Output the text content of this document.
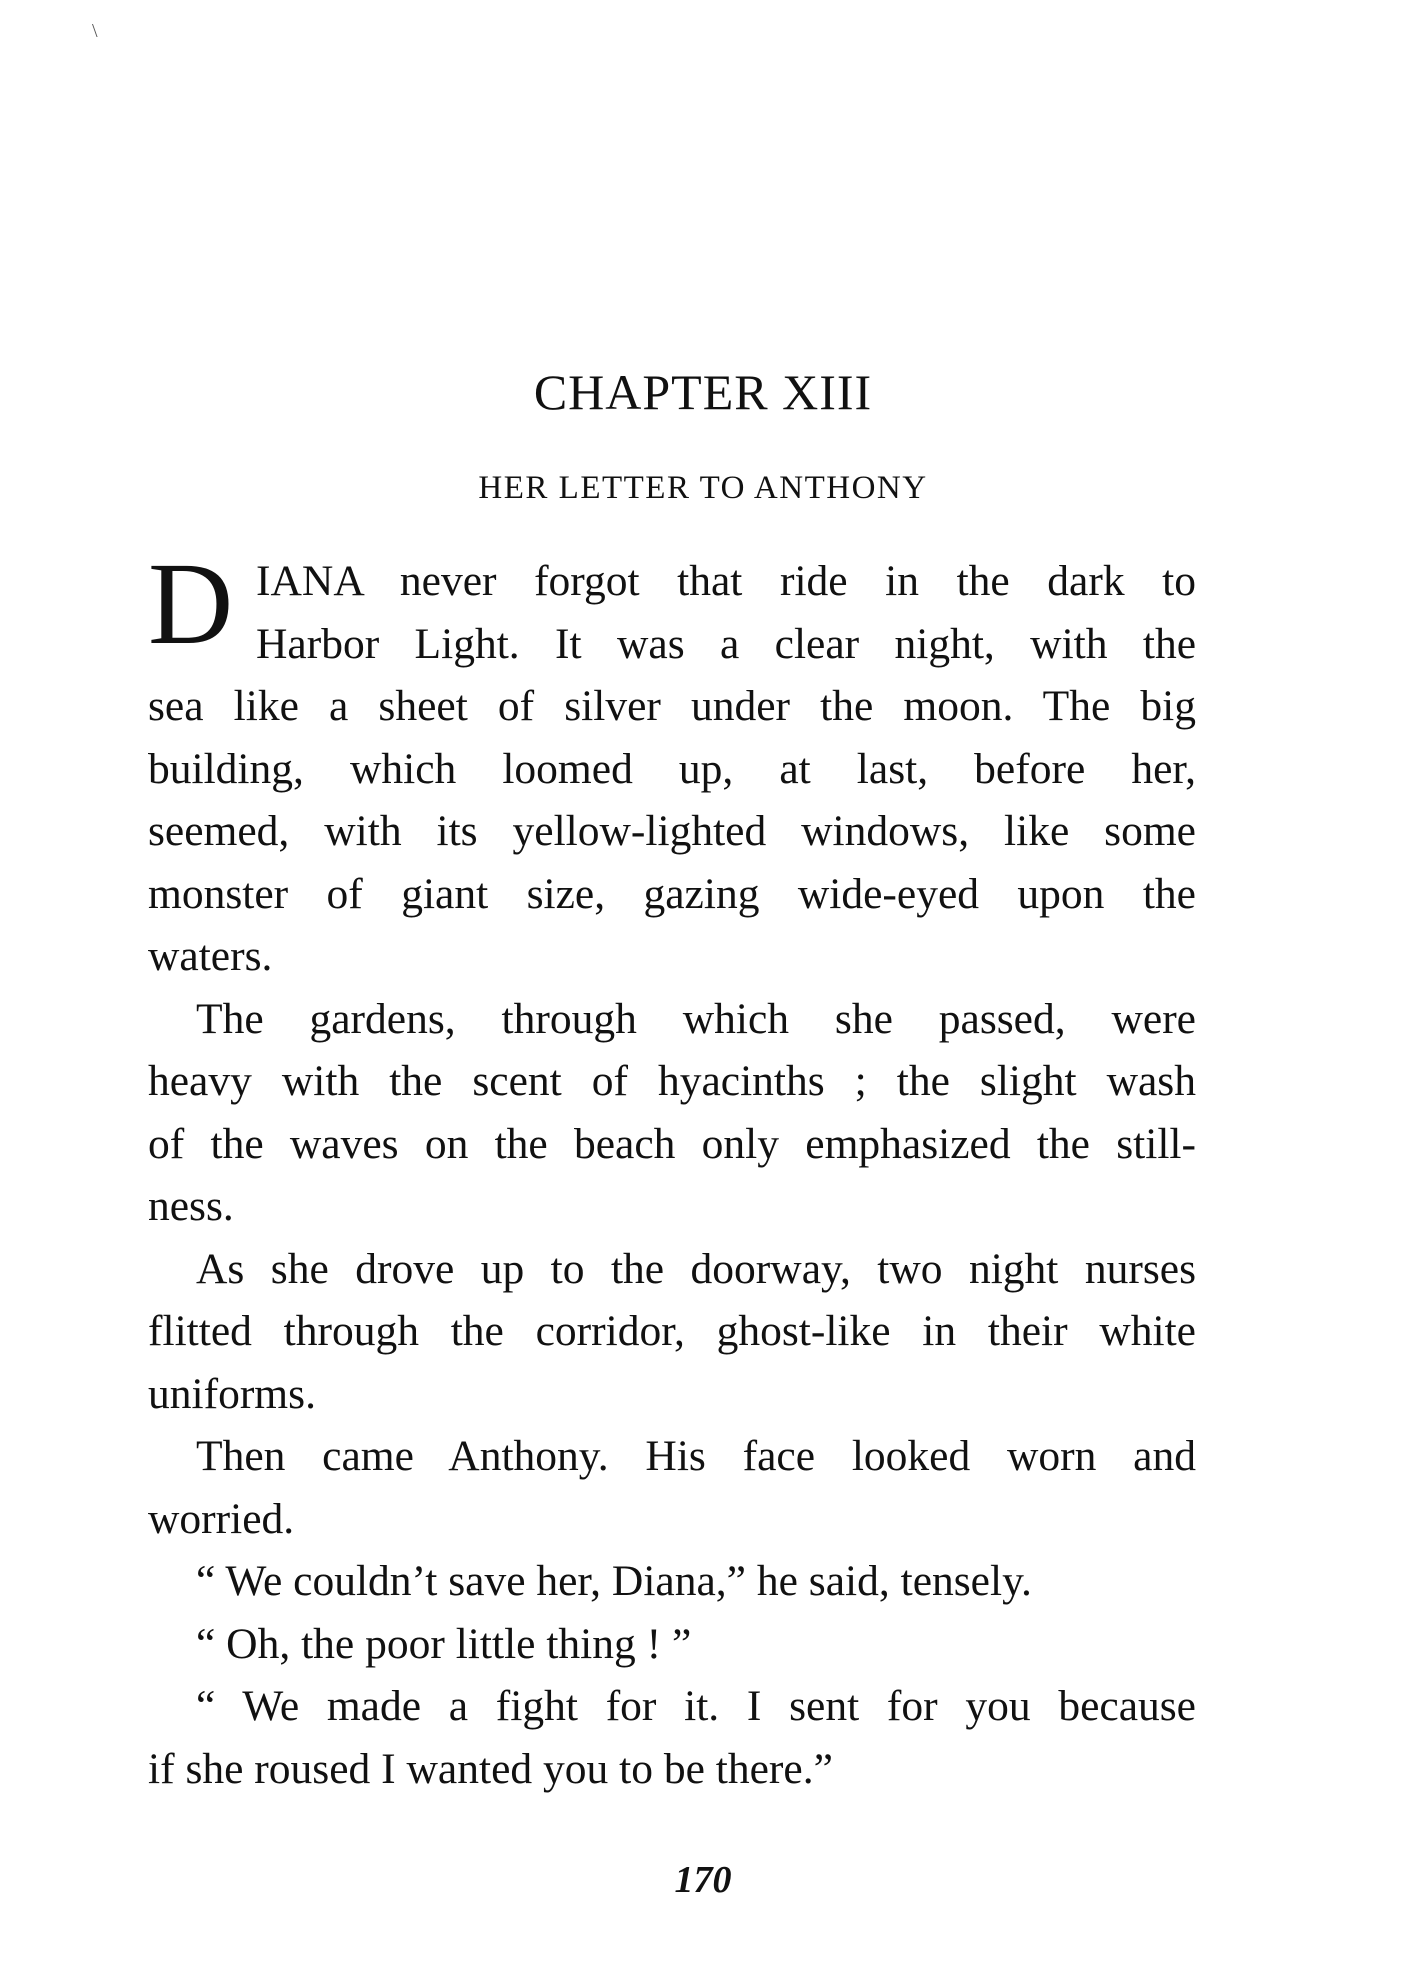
\
CHAPTER XIII
HER LETTER TO ANTHONY
D IANA never forgot that ride in the dark to
Harbor Light. It was a clear night, with the
sea like a sheet of silver under the moon. The big
building, which loomed up, at last, before her,
seemed, with its yellow-lighted windows, like some
monster of giant size, gazing wide-eyed upon the
waters.
The gardens, through which she passed, were
heavy with the scent of hyacinths ; the slight wash
of the waves on the beach only emphasized the still-
ness.
As she drove up to the doorway, two night nurses
flitted through the corridor, ghost-like in their white
uniforms.
Then came Anthony. His face looked worn and
worried.
“ We couldn’t save her, Diana,” he said, tensely.
“ Oh, the poor little thing ! ”
“ We made a fight for it. I sent for you because
if she roused I wanted you to be there.”
170
